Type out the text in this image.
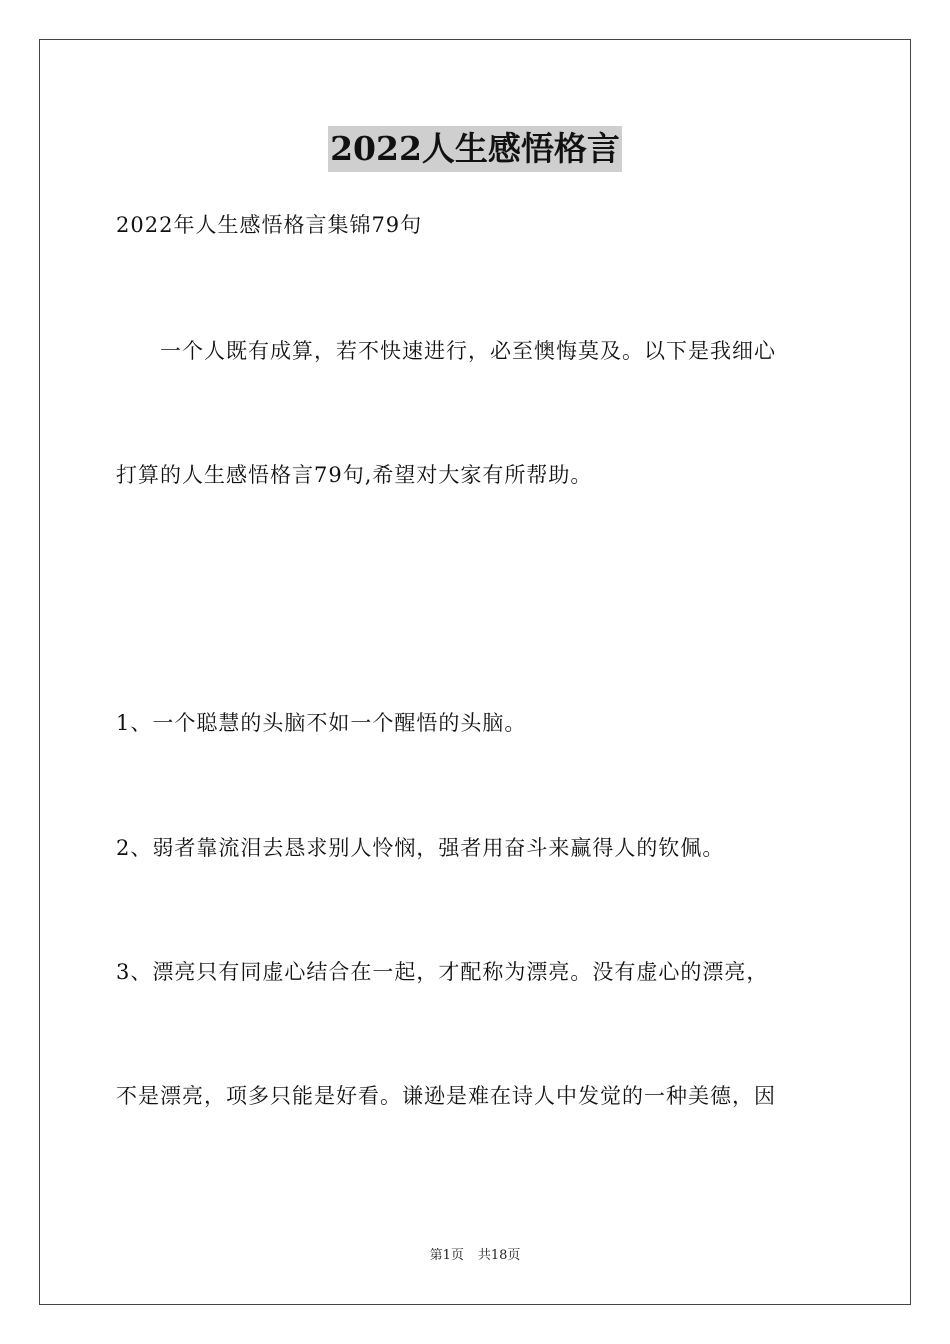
2022人生感悟格言
2022年人生感悟格言集锦79句
一个人既有成算，若不快速进行，必至懊悔莫及。以下是我细心
打算的人生感悟格言79句,希望对大家有所帮助。
1、一个聪慧的头脑不如一个醒悟的头脑。
2、弱者靠流泪去恳求别人怜悯，强者用奋斗来赢得人的钦佩。
3、漂亮只有同虚心结合在一起，才配称为漂亮。没有虚心的漂亮，
不是漂亮，项多只能是好看。谦逊是难在诗人中发觉的一种美德，因
第1页 共18页
